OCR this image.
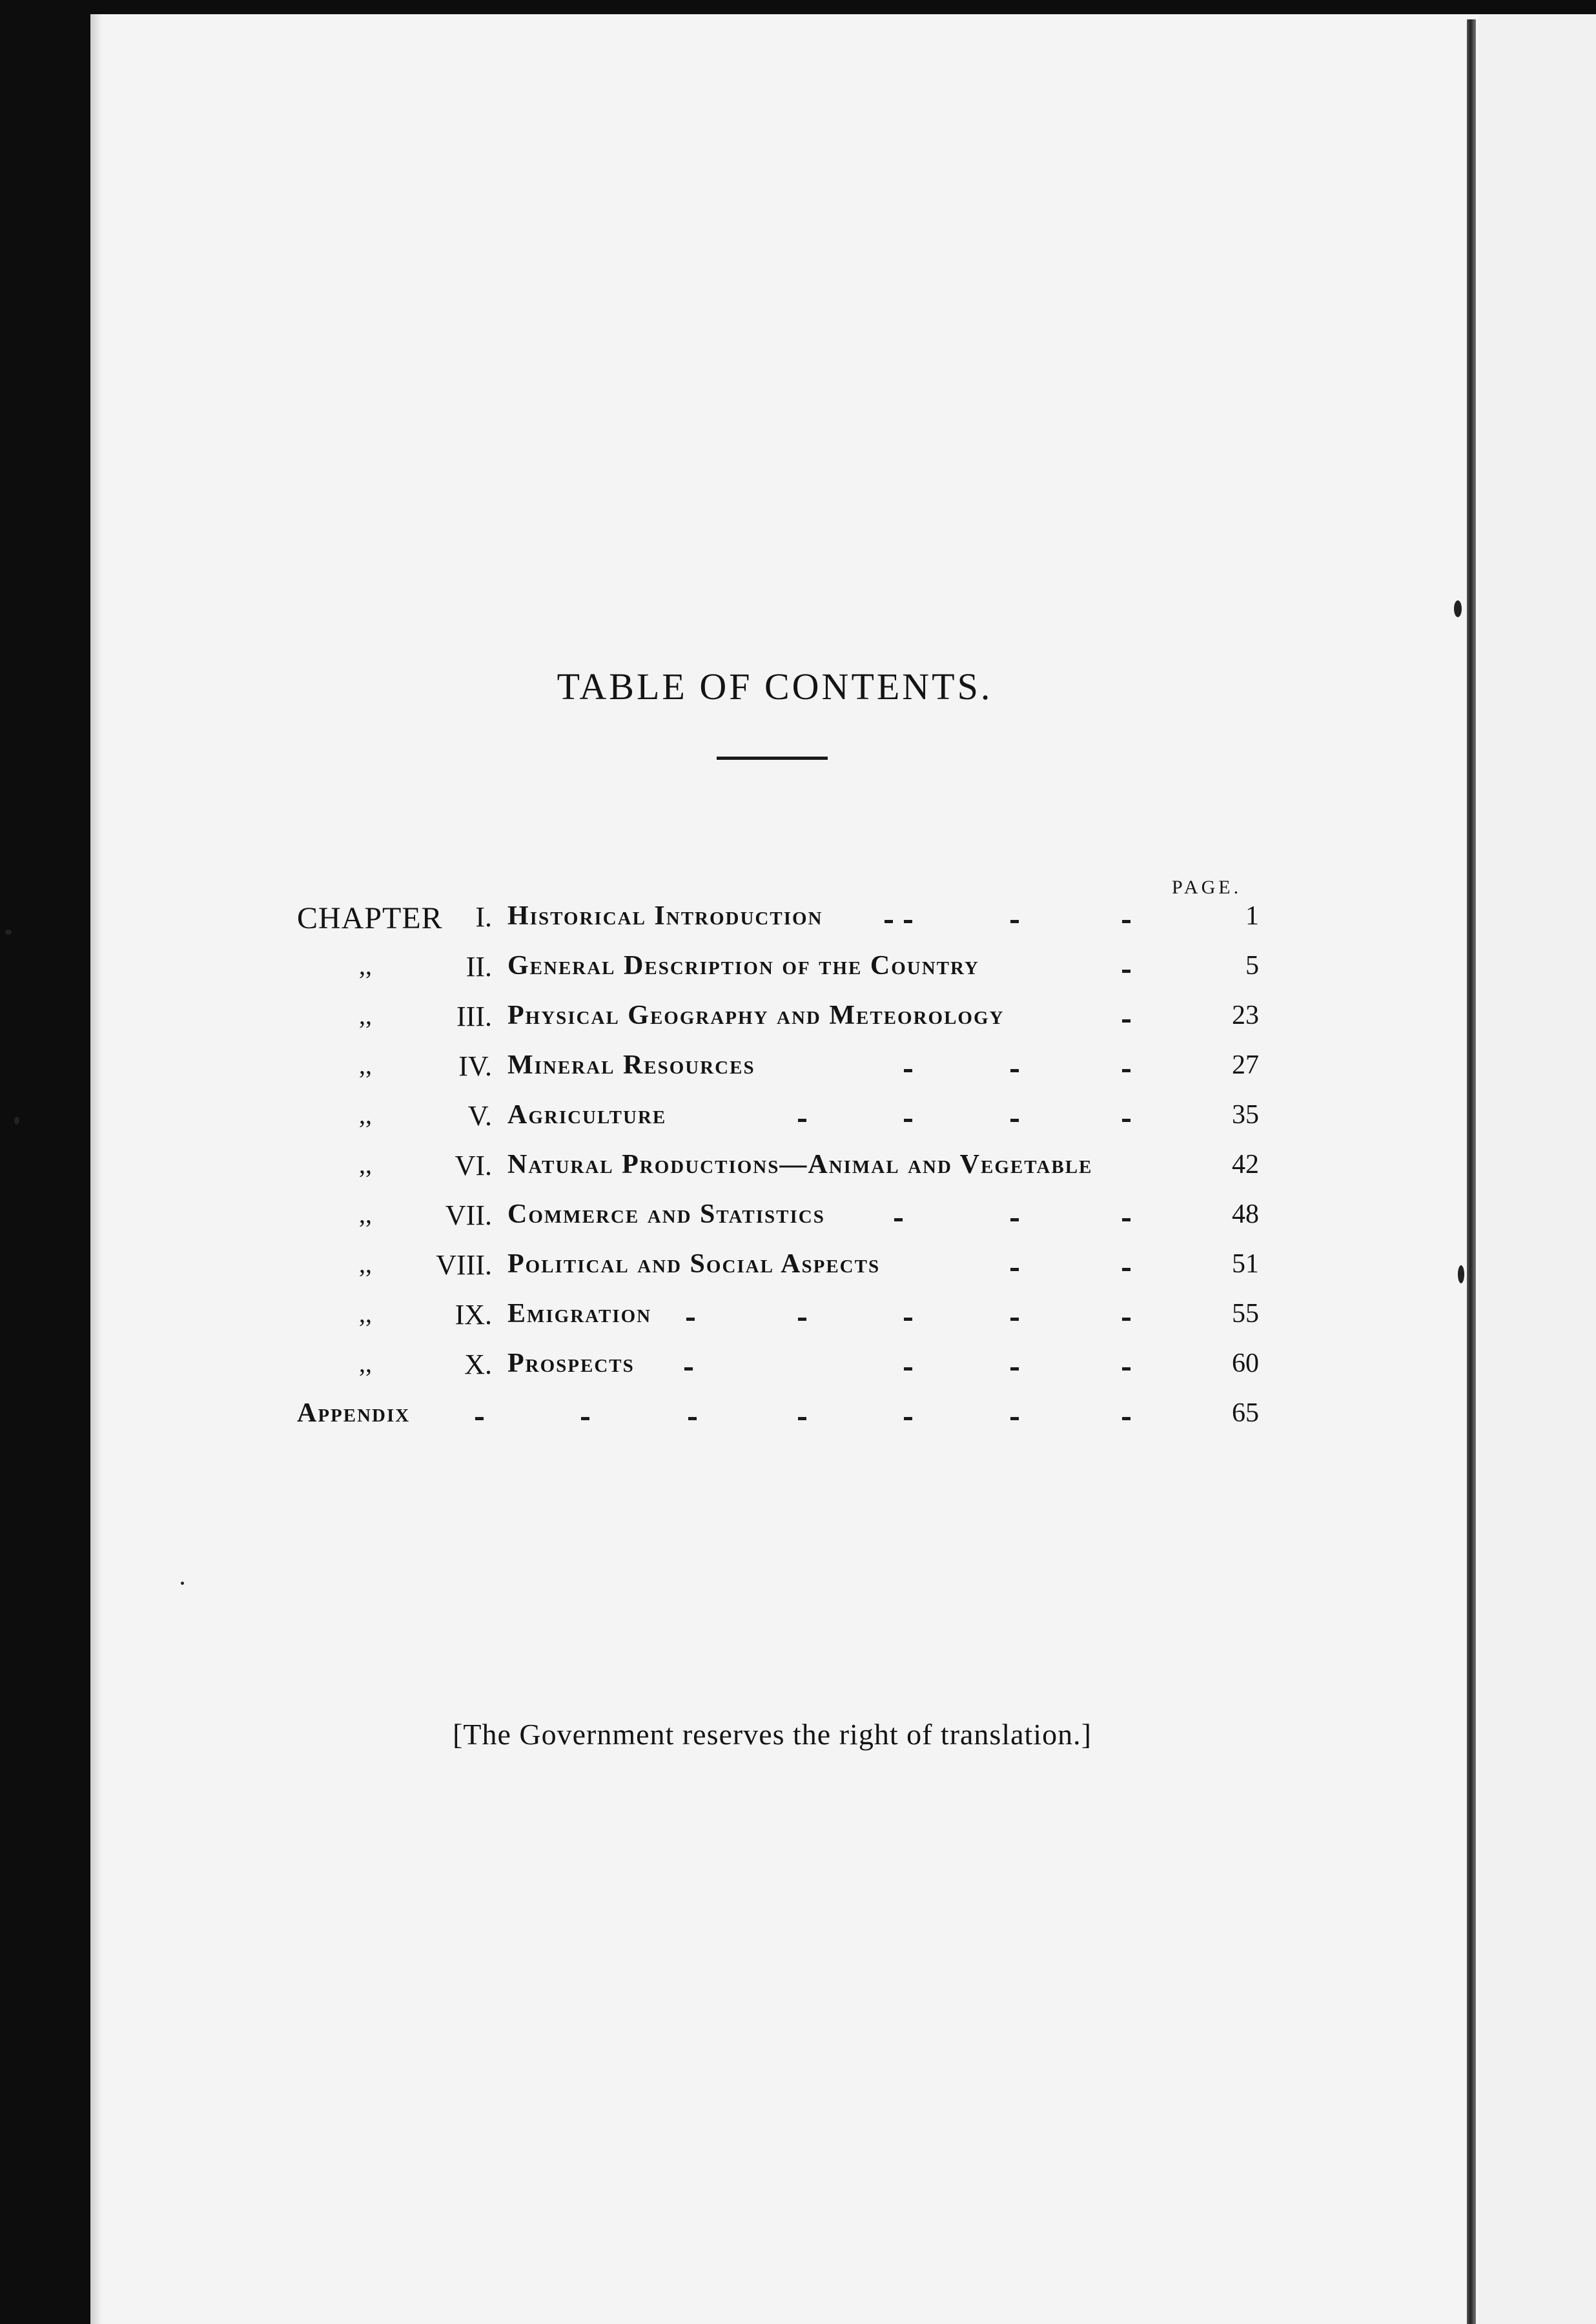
TABLE OF CONTENTS.
PAGE.
CHAPTER	I. Historical Introduction	1
,,	II. General Description of the Country	5
,,	III. Physical Geography and Meteorology	23
,,	IV. Mineral Resources	27
,,	V. Agriculture	35
,,	VI. Natural Productions—Animal and Vegetable	42
,,	VII. Commerce and Statistics	48
,,	VIII. Political and Social Aspects	51
,,	IX. Emigration	55
,,	X. Prospects	60
Appendix	65
[The Government reserves the right of translation.]
